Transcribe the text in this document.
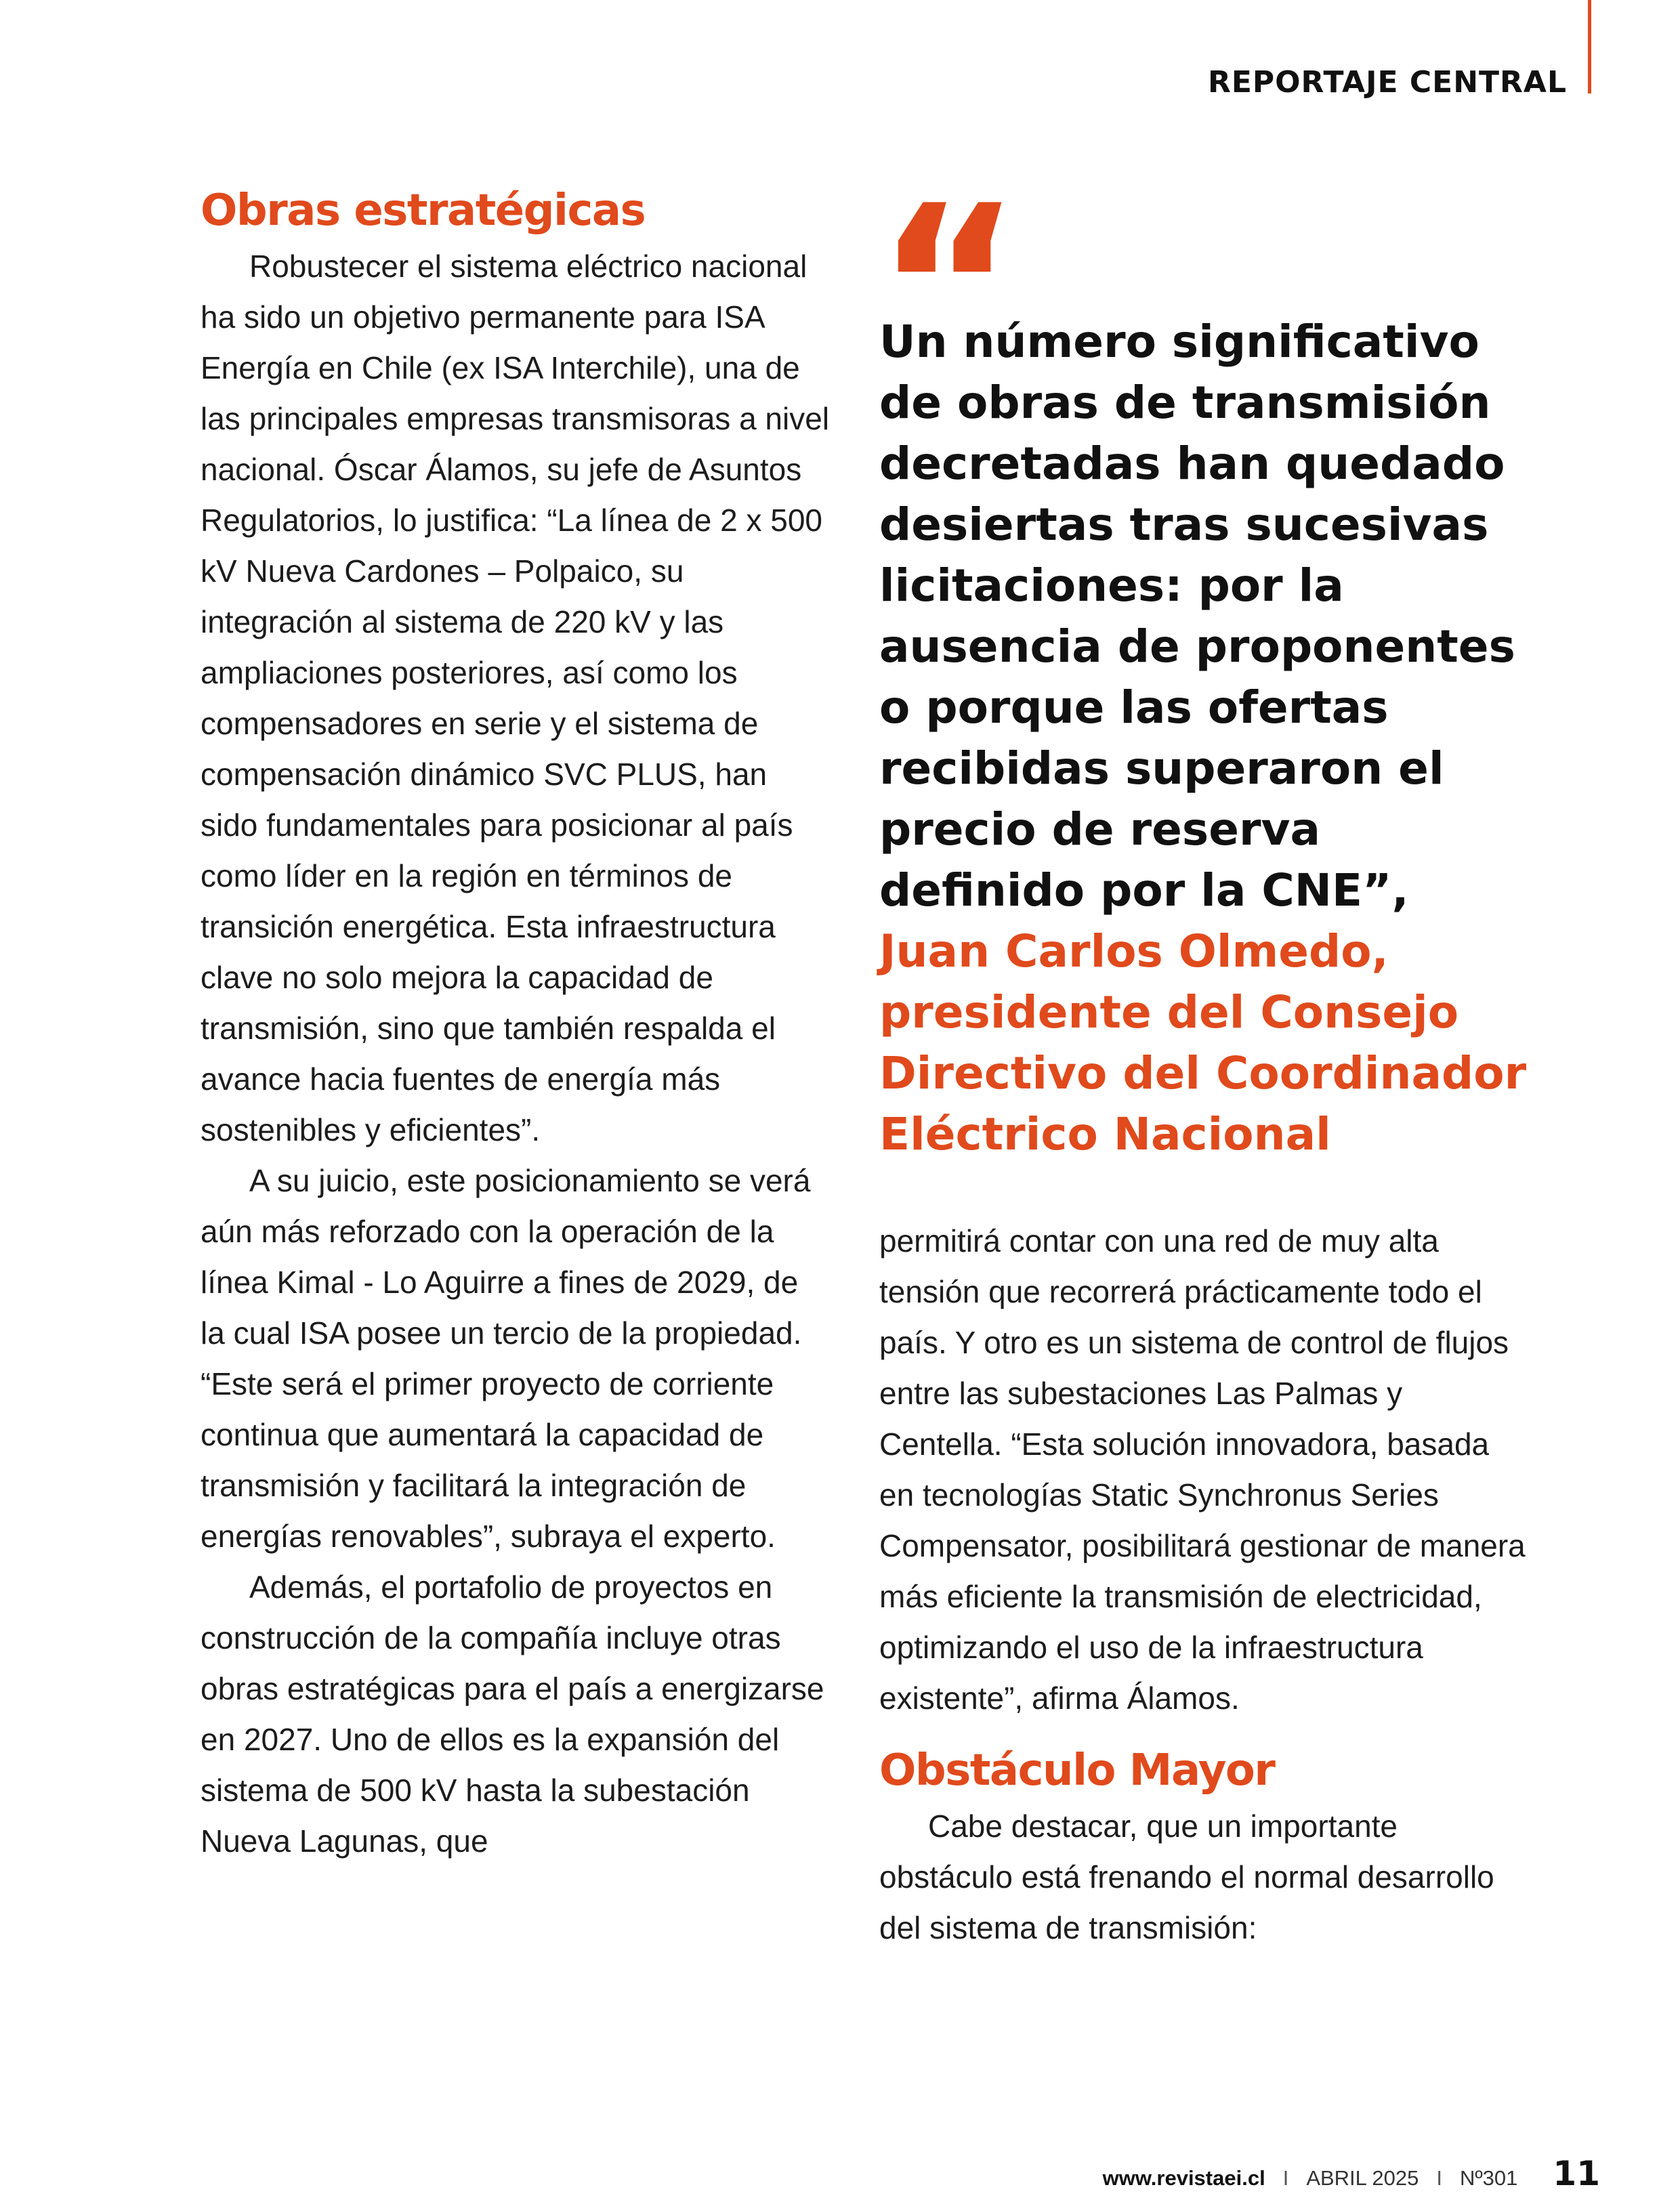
REPORTAJE CENTRAL
Obras estratégicas

Robustecer el sistema eléctrico nacional ha sido un objetivo permanente para ISA Energía en Chile (ex ISA Interchile), una de las principales empresas transmisoras a nivel nacional. Óscar Álamos, su jefe de Asuntos Regulatorios, lo justifica: “La línea de 2 x 500 kV Nueva Cardones – Polpaico, su integración al sistema de 220 kV y las ampliaciones posteriores, así como los compensadores en serie y el sistema de compensación dinámico SVC PLUS, han sido fundamentales para posicionar al país como líder en la región en términos de transición energética. Esta infraestructura clave no solo mejora la capacidad de transmisión, sino que también respalda el avance hacia fuentes de energía más sostenibles y eficientes”.

A su juicio, este posicionamiento se verá aún más reforzado con la operación de la línea Kimal - Lo Aguirre a fines de 2029, de la cual ISA posee un tercio de la propiedad. “Este será el primer proyecto de corriente continua que aumentará la capacidad de transmisión y facilitará la integración de energías renovables”, subraya el experto.

Además, el portafolio de proyectos en construcción de la compañía incluye otras obras estratégicas para el país a energizarse en 2027. Uno de ellos es la expansión del sistema de 500 kV hasta la subestación Nueva Lagunas, que

“
Un número significativo de obras de transmisión decretadas han quedado desiertas tras sucesivas licitaciones: por la ausencia de proponentes o porque las ofertas recibidas superaron el precio de reserva definido por la CNE”, Juan Carlos Olmedo, presidente del Consejo Directivo del Coordinador Eléctrico Nacional

permitirá contar con una red de muy alta tensión que recorrerá prácticamente todo el país. Y otro es un sistema de control de flujos entre las subestaciones Las Palmas y Centella. “Esta solución innovadora, basada en tecnologías Static Synchronus Series Compensator, posibilitará gestionar de manera más eficiente la transmisión de electricidad, optimizando el uso de la infraestructura existente”, afirma Álamos.

Obstáculo Mayor

Cabe destacar, que un importante obstáculo está frenando el normal desarrollo del sistema de transmisión:

www.revistaei.cl I ABRIL 2025 I Nº301 11
